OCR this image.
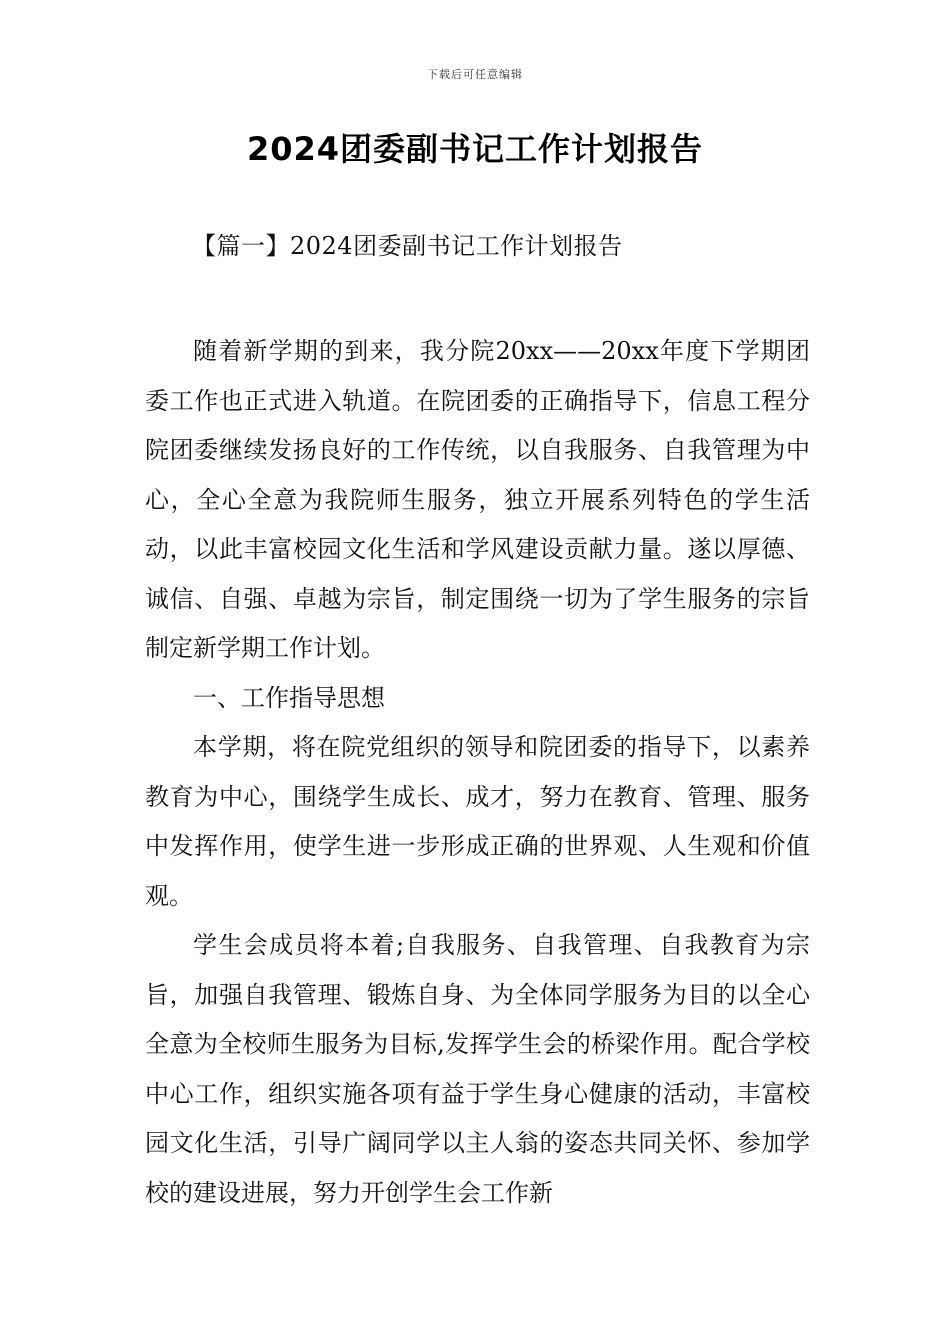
下载后可任意编辑
2024团委副书记工作计划报告
【篇一】2024团委副书记工作计划报告

随着新学期的到来，我分院20xx——20xx年度下学期团委工作也正式进入轨道。在院团委的正确指导下，信息工程分院团委继续发扬良好的工作传统，以自我服务、自我管理为中心，全心全意为我院师生服务，独立开展系列特色的学生活动，以此丰富校园文化生活和学风建设贡献力量。遂以厚德、诚信、自强、卓越为宗旨，制定围绕一切为了学生服务的宗旨制定新学期工作计划。

一、工作指导思想

本学期，将在院党组织的领导和院团委的指导下，以素养教育为中心，围绕学生成长、成才，努力在教育、管理、服务中发挥作用，使学生进一步形成正确的世界观、人生观和价值观。

学生会成员将本着;自我服务、自我管理、自我教育为宗旨，加强自我管理、锻炼自身、为全体同学服务为目的以全心全意为全校师生服务为目标,发挥学生会的桥梁作用。配合学校中心工作，组织实施各项有益于学生身心健康的活动，丰富校园文化生活，引导广阔同学以主人翁的姿态共同关怀、参加学校的建设进展，努力开创学生会工作新
